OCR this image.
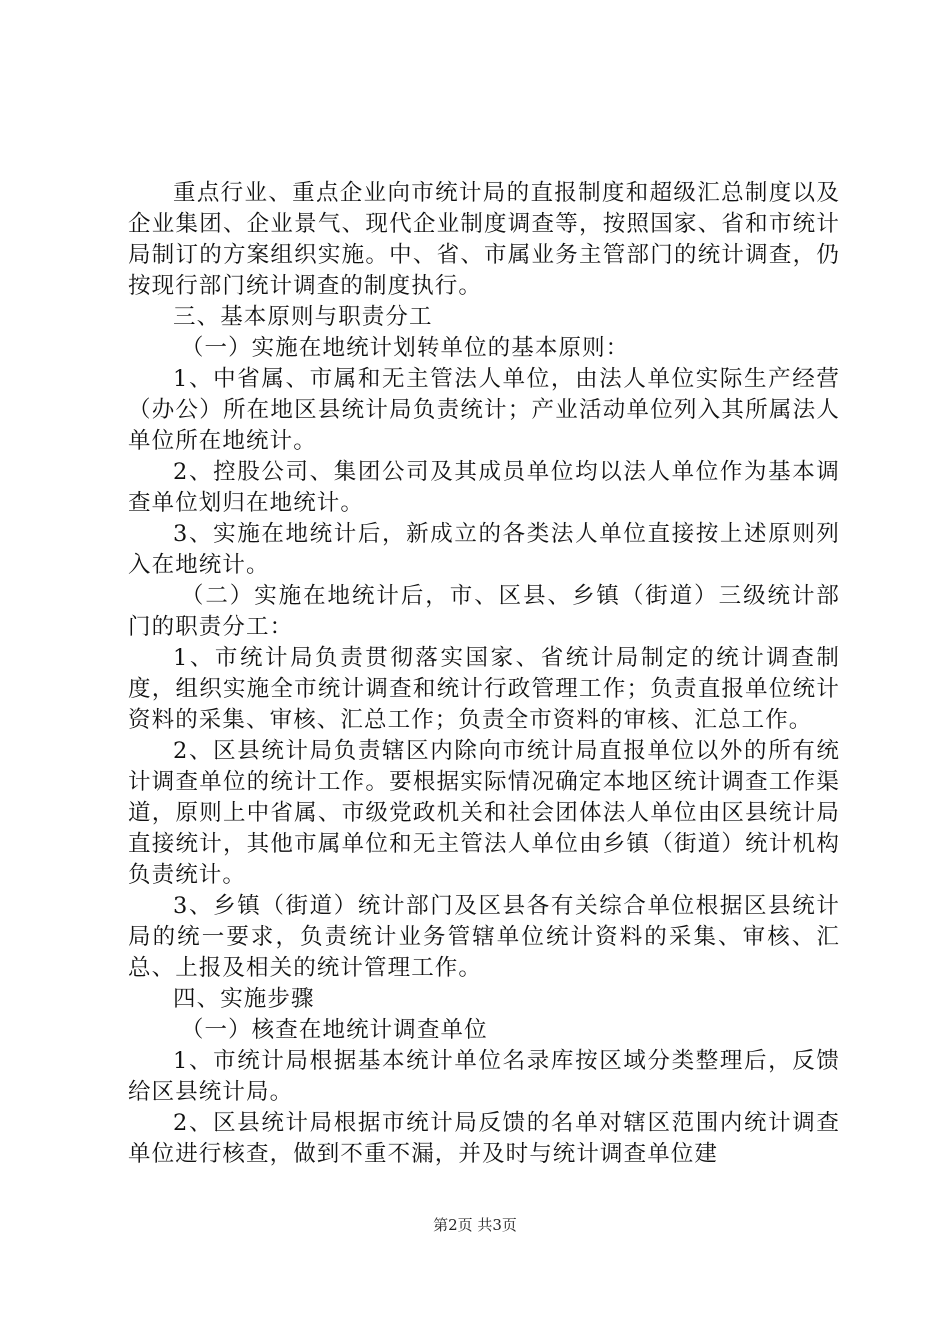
重点行业、重点企业向市统计局的直报制度和超级汇总制度以及企业集团、企业景气、现代企业制度调查等，按照国家、省和市统计局制订的方案组织实施。中、省、市属业务主管部门的统计调查，仍按现行部门统计调查的制度执行。

三、基本原则与职责分工

（一）实施在地统计划转单位的基本原则：

1、中省属、市属和无主管法人单位，由法人单位实际生产经营（办公）所在地区县统计局负责统计；产业活动单位列入其所属法人单位所在地统计。

2、控股公司、集团公司及其成员单位均以法人单位作为基本调查单位划归在地统计。

3、实施在地统计后，新成立的各类法人单位直接按上述原则列入在地统计。

（二）实施在地统计后，市、区县、乡镇（街道）三级统计部门的职责分工：

1、市统计局负责贯彻落实国家、省统计局制定的统计调查制度，组织实施全市统计调查和统计行政管理工作；负责直报单位统计资料的采集、审核、汇总工作；负责全市资料的审核、汇总工作。

2、区县统计局负责辖区内除向市统计局直报单位以外的所有统计调查单位的统计工作。要根据实际情况确定本地区统计调查工作渠道，原则上中省属、市级党政机关和社会团体法人单位由区县统计局直接统计，其他市属单位和无主管法人单位由乡镇（街道）统计机构负责统计。

3、乡镇（街道）统计部门及区县各有关综合单位根据区县统计局的统一要求，负责统计业务管辖单位统计资料的采集、审核、汇总、上报及相关的统计管理工作。

四、实施步骤

（一）核查在地统计调查单位

1、市统计局根据基本统计单位名录库按区域分类整理后，反馈给区县统计局。

2、区县统计局根据市统计局反馈的名单对辖区范围内统计调查单位进行核查，做到不重不漏，并及时与统计调查单位建

第2页 共3页
